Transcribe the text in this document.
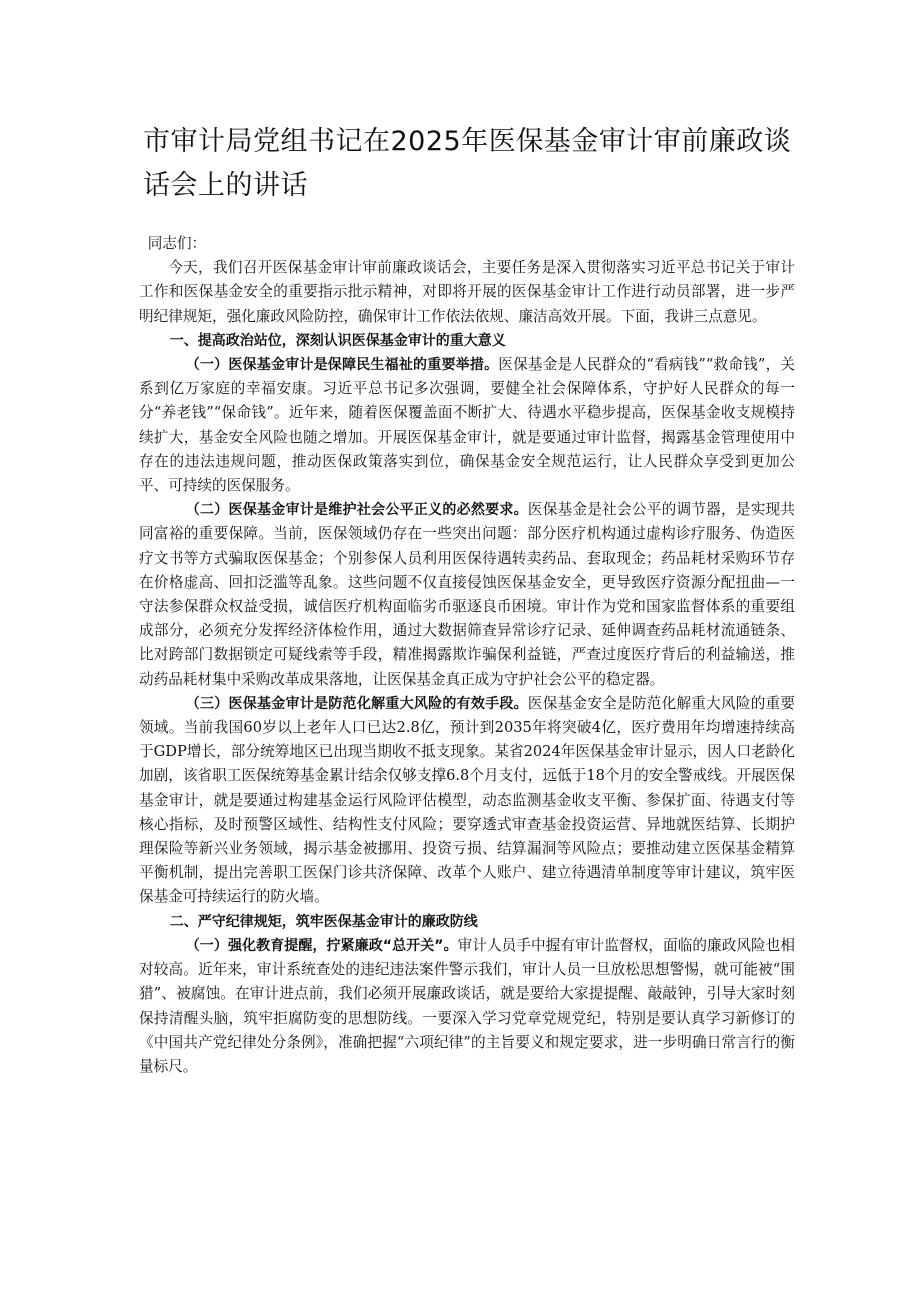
市审计局党组书记在2025年医保基金审计审前廉政谈话会上的讲话

同志们：

今天，我们召开医保基金审计审前廉政谈话会，主要任务是深入贯彻落实习近平总书记关于审计工作和医保基金安全的重要指示批示精神，对即将开展的医保基金审计工作进行动员部署，进一步严明纪律规矩，强化廉政风险防控，确保审计工作依法依规、廉洁高效开展。下面，我讲三点意见。

一、提高政治站位，深刻认识医保基金审计的重大意义

（一）医保基金审计是保障民生福祉的重要举措。医保基金是人民群众的“看病钱”“救命钱”，关系到亿万家庭的幸福安康。习近平总书记多次强调，要健全社会保障体系，守护好人民群众的每一分“养老钱”“保命钱”。近年来，随着医保覆盖面不断扩大、待遇水平稳步提高，医保基金收支规模持续扩大，基金安全风险也随之增加。开展医保基金审计，就是要通过审计监督，揭露基金管理使用中存在的违法违规问题，推动医保政策落实到位，确保基金安全规范运行，让人民群众享受到更加公平、可持续的医保服务。

（二）医保基金审计是维护社会公平正义的必然要求。医保基金是社会公平的调节器，是实现共同富裕的重要保障。当前，医保领域仍存在一些突出问题：部分医疗机构通过虚构诊疗服务、伪造医疗文书等方式骗取医保基金；个别参保人员利用医保待遇转卖药品、套取现金；药品耗材采购环节存在价格虚高、回扣泛滥等乱象。这些问题不仅直接侵蚀医保基金安全，更导致医疗资源分配扭曲—一守法参保群众权益受损，诚信医疗机构面临劣币驱逐良币困境。审计作为党和国家监督体系的重要组成部分，必须充分发挥经济体检作用，通过大数据筛查异常诊疗记录、延伸调查药品耗材流通链条、比对跨部门数据锁定可疑线索等手段，精准揭露欺诈骗保利益链，严查过度医疗背后的利益输送，推动药品耗材集中采购改革成果落地，让医保基金真正成为守护社会公平的稳定器。

（三）医保基金审计是防范化解重大风险的有效手段。医保基金安全是防范化解重大风险的重要领域。当前我国60岁以上老年人口已达2.8亿，预计到2035年将突破4亿，医疗费用年均增速持续高于GDP增长，部分统筹地区已出现当期收不抵支现象。某省2024年医保基金审计显示，因人口老龄化加剧，该省职工医保统筹基金累计结余仅够支撑6.8个月支付，远低于18个月的安全警戒线。开展医保基金审计，就是要通过构建基金运行风险评估模型，动态监测基金收支平衡、参保扩面、待遇支付等核心指标，及时预警区域性、结构性支付风险；要穿透式审查基金投资运营、异地就医结算、长期护理保险等新兴业务领域，揭示基金被挪用、投资亏损、结算漏洞等风险点；要推动建立医保基金精算平衡机制，提出完善职工医保门诊共济保障、改革个人账户、建立待遇清单制度等审计建议，筑牢医保基金可持续运行的防火墙。

二、严守纪律规矩，筑牢医保基金审计的廉政防线

（一）强化教育提醒，拧紧廉政“总开关”。审计人员手中握有审计监督权，面临的廉政风险也相对较高。近年来，审计系统查处的违纪违法案件警示我们，审计人员一旦放松思想警惕，就可能被“围猎”、被腐蚀。在审计进点前，我们必须开展廉政谈话，就是要给大家提提醒、敲敲钟，引导大家时刻保持清醒头脑，筑牢拒腐防变的思想防线。一要深入学习党章党规党纪，特别是要认真学习新修订的《中国共产党纪律处分条例》，准确把握“六项纪律”的主旨要义和规定要求，进一步明确日常言行的衡量标尺。
